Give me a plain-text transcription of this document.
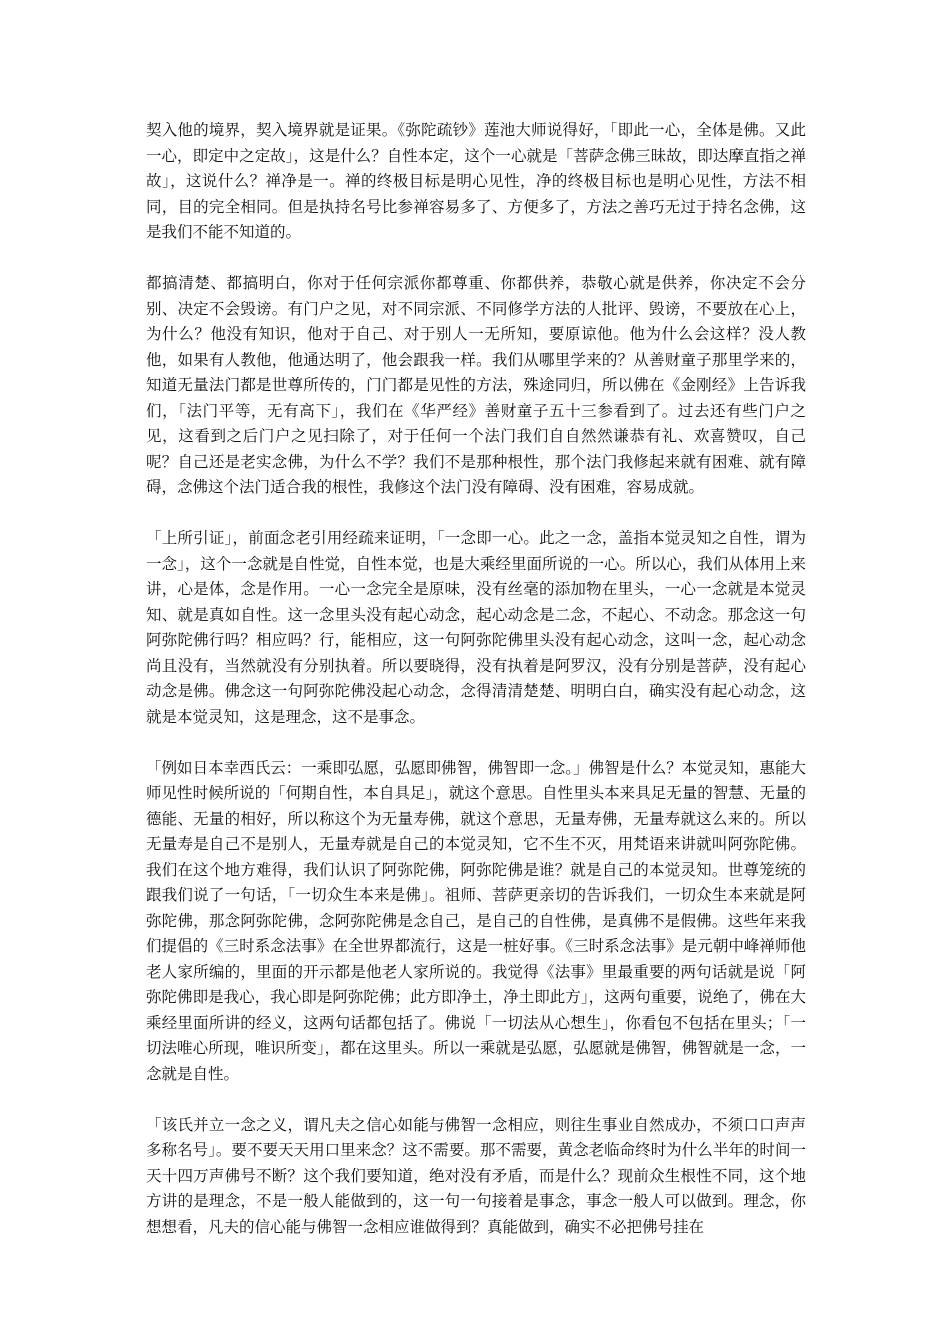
契入他的境界，契入境界就是证果。《弥陀疏钞》莲池大师说得好，「即此一心，全体是佛。又此一心，即定中之定故」，这是什么？自性本定，这个一心就是「菩萨念佛三昧故，即达摩直指之禅故」，这说什么？禅净是一。禅的终极目标是明心见性，净的终极目标也是明心见性，方法不相同，目的完全相同。但是执持名号比参禅容易多了、方便多了，方法之善巧无过于持名念佛，这是我们不能不知道的。

都搞清楚、都搞明白，你对于任何宗派你都尊重、你都供养，恭敬心就是供养，你决定不会分别、决定不会毁谤。有门户之见，对不同宗派、不同修学方法的人批评、毁谤，不要放在心上，为什么？他没有知识，他对于自己、对于别人一无所知，要原谅他。他为什么会这样？没人教他，如果有人教他，他通达明了，他会跟我一样。我们从哪里学来的？从善财童子那里学来的，知道无量法门都是世尊所传的，门门都是见性的方法，殊途同归，所以佛在《金刚经》上告诉我们，「法门平等，无有高下」，我们在《华严经》善财童子五十三参看到了。过去还有些门户之见，这看到之后门户之见扫除了，对于任何一个法门我们自自然然谦恭有礼、欢喜赞叹，自己呢？自己还是老实念佛，为什么不学？我们不是那种根性，那个法门我修起来就有困难、就有障碍，念佛这个法门适合我的根性，我修这个法门没有障碍、没有困难，容易成就。

「上所引证」，前面念老引用经疏来证明，「一念即一心。此之一念，盖指本觉灵知之自性，谓为一念」，这个一念就是自性觉，自性本觉，也是大乘经里面所说的一心。所以心，我们从体用上来讲，心是体，念是作用。一心一念完全是原味，没有丝毫的添加物在里头，一心一念就是本觉灵知、就是真如自性。这一念里头没有起心动念，起心动念是二念，不起心、不动念。那念这一句阿弥陀佛行吗？相应吗？行，能相应，这一句阿弥陀佛里头没有起心动念，这叫一念，起心动念尚且没有，当然就没有分别执着。所以要晓得，没有执着是阿罗汉，没有分别是菩萨，没有起心动念是佛。佛念这一句阿弥陀佛没起心动念，念得清清楚楚、明明白白，确实没有起心动念，这就是本觉灵知，这是理念，这不是事念。

「例如日本幸西氏云：一乘即弘愿，弘愿即佛智，佛智即一念。」佛智是什么？本觉灵知，惠能大师见性时候所说的「何期自性，本自具足」，就这个意思。自性里头本来具足无量的智慧、无量的德能、无量的相好，所以称这个为无量寿佛，就这个意思，无量寿佛，无量寿就这么来的。所以无量寿是自己不是别人，无量寿就是自己的本觉灵知，它不生不灭，用梵语来讲就叫阿弥陀佛。我们在这个地方难得，我们认识了阿弥陀佛，阿弥陀佛是谁？就是自己的本觉灵知。世尊笼统的跟我们说了一句话，「一切众生本来是佛」。祖师、菩萨更亲切的告诉我们，一切众生本来就是阿弥陀佛，那念阿弥陀佛，念阿弥陀佛是念自己，是自己的自性佛，是真佛不是假佛。这些年来我们提倡的《三时系念法事》在全世界都流行，这是一桩好事。《三时系念法事》是元朝中峰禅师他老人家所编的，里面的开示都是他老人家所说的。我觉得《法事》里最重要的两句话就是说「阿弥陀佛即是我心，我心即是阿弥陀佛；此方即净土，净土即此方」，这两句重要，说绝了，佛在大乘经里面所讲的经义，这两句话都包括了。佛说「一切法从心想生」，你看包不包括在里头；「一切法唯心所现，唯识所变」，都在这里头。所以一乘就是弘愿，弘愿就是佛智，佛智就是一念，一念就是自性。

「该氏并立一念之义，谓凡夫之信心如能与佛智一念相应，则往生事业自然成办，不须口口声声多称名号」。要不要天天用口里来念？这不需要。那不需要，黄念老临命终时为什么半年的时间一天十四万声佛号不断？这个我们要知道，绝对没有矛盾，而是什么？现前众生根性不同，这个地方讲的是理念，不是一般人能做到的，这一句一句接着是事念，事念一般人可以做到。理念，你想想看，凡夫的信心能与佛智一念相应谁做得到？真能做到，确实不必把佛号挂在
